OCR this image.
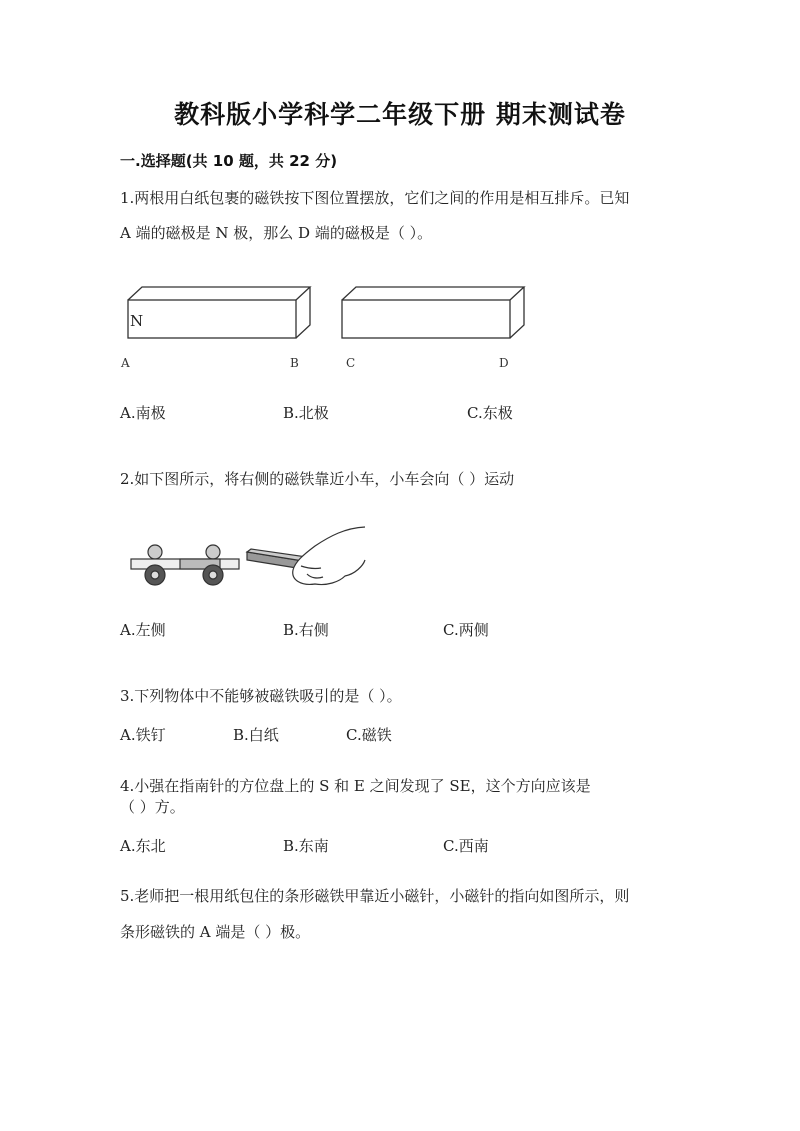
教科版小学科学二年级下册 期末测试卷
一.选择题(共 10 题，共 22 分)
1.两根用白纸包裹的磁铁按下图位置摆放，它们之间的作用是相互排斥。已知
A 端的磁极是 N 极，那么 D 端的磁极是（ ）。
N
A	B	C	D
A.南极	B.北极	C.东极
2.如下图所示，将右侧的磁铁靠近小车，小车会向（ ）运动
A.左侧	B.右侧	C.两侧
3.下列物体中不能够被磁铁吸引的是（ ）。
A.铁钉	B.白纸	C.磁铁
4.小强在指南针的方位盘上的 S 和 E 之间发现了 SE，这个方向应该是
（ ）方。
A.东北	B.东南	C.西南
5.老师把一根用纸包住的条形磁铁甲靠近小磁针，小磁针的指向如图所示，则
条形磁铁的 A 端是（ ）极。
